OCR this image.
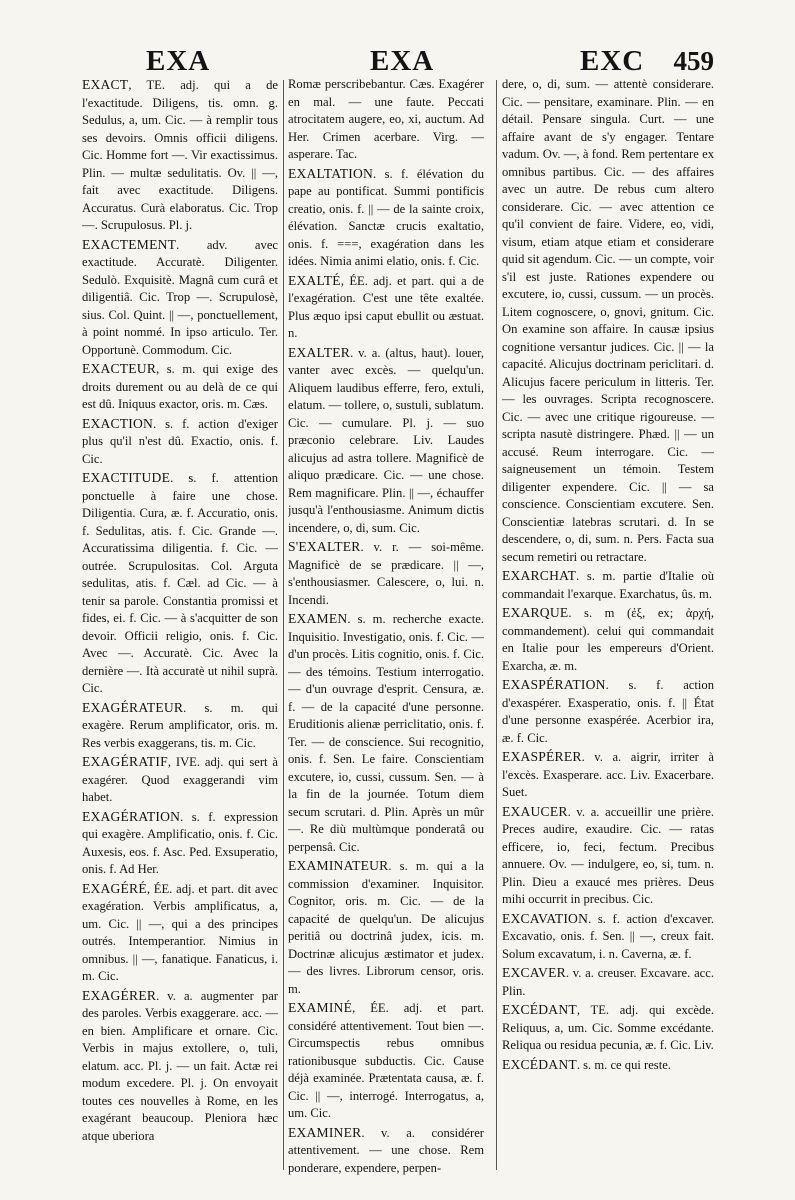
EXA	EXA	EXC 459

EXACT, TE. adj. qui a de l'exactitude. Diligens, tis. omn. g. Sedulus, a, um. Cic. — à remplir tous ses devoirs. Omnis officii diligens. Cic. Homme fort —. Vir exactissimus. Plin. — multæ sedulitatis. Ov. || —, fait avec exactitude. Diligens. Accuratus. Curà elaboratus. Cic. Trop —. Scrupulosus. Pl. j.

EXACTEMENT. adv. avec exactitude. Accuratè. Diligenter. Sedulò. Exquisitè. Magnâ cum curâ et diligentiâ. Cic. Trop —. Scrupulosè, sius. Col. Quint. || —, ponctuellement, à point nommé. In ipso articulo. Ter. Opportunè. Commodum. Cic.

EXACTEUR, s. m. qui exige des droits durement ou au delà de ce qui est dû. Iniquus exactor, oris. m. Cæs.

EXACTION. s. f. action d'exiger plus qu'il n'est dû. Exactio, onis. f. Cic.

EXACTITUDE. s. f. attention ponctuelle à faire une chose. Diligentia. Cura, æ. f. Accuratio, onis. f. Sedulitas, atis. f. Cic. Grande —. Accuratissima diligentia. f. Cic. — outrée. Scrupulositas. Col. Arguta sedulitas, atis. f. Cæl. ad Cic. — à tenir sa parole. Constantia promissi et fides, ei. f. Cic. — à s'acquitter de son devoir. Officii religio, onis. f. Cic. Avec —. Accuratè. Cic. Avec la dernière —. Ità accuratè ut nihil suprà. Cic.

EXAGÉRATEUR. s. m. qui exagère. Rerum amplificator, oris. m. Res verbis exaggerans, tis. m. Cic.

EXAGÉRATIF, IVE. adj. qui sert à exagérer. Quod exaggerandi vim habet.

EXAGÉRATION. s. f. expression qui exagère. Amplificatio, onis. f. Cic. Auxesis, eos. f. Asc. Ped. Exsuperatio, onis. f. Ad Her.

EXAGÉRÉ, ÉE. adj. et part. dit avec exagération. Verbis amplificatus, a, um. Cic. || —, qui a des principes outrés. Intemperantior. Nimius in omnibus. || —, fanatique. Fanaticus, i. m. Cic.

EXAGÉRER. v. a. augmenter par des paroles. Verbis exaggerare. acc. — en bien. Amplificare et ornare. Cic. Verbis in majus extollere, o, tuli, elatum. acc. Pl. j. — un fait. Actæ rei modum excedere. Pl. j. On envoyait toutes ces nouvelles à Rome, en les exagérant beaucoup. Pleniora hæc atque uberiora

Romæ perscribebantur. Cæs. Exagérer en mal. — une faute. Peccati atrocitatem augere, eo, xi, auctum. Ad Her. Crimen acerbare. Virg. — asperare. Tac.

EXALTATION. s. f. élévation du pape au pontificat. Summi pontificis creatio, onis. f. || — de la sainte croix, élévation. Sanctæ crucis exaltatio, onis. f. ===, exagération dans les idées. Nimia animi elatio, onis. f. Cic.

EXALTÉ, ÉE. adj. et part. qui a de l'exagération. C'est une tête exaltée. Plus æquo ipsi caput ebullit ou æstuat. n.

EXALTER. v. a. (altus, haut). louer, vanter avec excès. — quelqu'un. Aliquem laudibus efferre, fero, extuli, elatum. — tollere, o, sustuli, sublatum. Cic. — cumulare. Pl. j. — suo præconio celebrare. Liv. Laudes alicujus ad astra tollere. Magnificè de aliquo prædicare. Cic. — une chose. Rem magnificare. Plin. || —, échauffer jusqu'à l'enthousiasme. Animum dictis incendere, o, di, sum. Cic.

S'EXALTER. v. r. — soi-même. Magnificè de se prædicare. || —, s'enthousiasmer. Calescere, o, lui. n. Incendi.

EXAMEN. s. m. recherche exacte. Inquisitio. Investigatio, onis. f. Cic. — d'un procès. Litis cognitio, onis. f. Cic. — des témoins. Testium interrogatio. — d'un ouvrage d'esprit. Censura, æ. f. — de la capacité d'une personne. Eruditionis alienæ perriclitatio, onis. f. Ter. — de conscience. Sui recognitio, onis. f. Sen. Le faire. Conscientiam excutere, io, cussi, cussum. Sen. — à la fin de la journée. Totum diem secum scrutari. d. Plin. Après un mûr —. Re diù multùmque ponderatâ ou perpensâ. Cic.

EXAMINATEUR. s. m. qui a la commission d'examiner. Inquisitor. Cognitor, oris. m. Cic. — de la capacité de quelqu'un. De alicujus peritiâ ou doctrinâ judex, icis. m. Doctrinæ alicujus æstimator et judex. — des livres. Librorum censor, oris. m.

EXAMINÉ, ÉE. adj. et part. considéré attentivement. Tout bien —. Circumspectis rebus omnibus rationibusque subductis. Cic. Cause déjà examinée. Prætentata causa, æ. f. Cic. || —, interrogé. Interrogatus, a, um. Cic.

EXAMINER. v. a. considérer attentivement. — une chose. Rem ponderare, expendere, perpen-

dere, o, di, sum. — attentè considerare. Cic. — pensitare, examinare. Plin. — en détail. Pensare singula. Curt. — une affaire avant de s'y engager. Tentare vadum. Ov. —, à fond. Rem pertentare ex omnibus partibus. Cic. — des affaires avec un autre. De rebus cum altero considerare. Cic. — avec attention ce qu'il convient de faire. Videre, eo, vidi, visum, etiam atque etiam et considerare quid sit agendum. Cic. — un compte, voir s'il est juste. Rationes expendere ou excutere, io, cussi, cussum. — un procès. Litem cognoscere, o, gnovi, gnitum. Cic. On examine son affaire. In causæ ipsius cognitione versantur judices. Cic. || — la capacité. Alicujus doctrinam periclitari. d. Alicujus facere periculum in litteris. Ter. — les ouvrages. Scripta recognoscere. Cic. — avec une critique rigoureuse. — scripta nasutè distringere. Phæd. || — un accusé. Reum interrogare. Cic. — saigneusement un témoin. Testem diligenter expendere. Cic. || — sa conscience. Conscientiam excutere. Sen. Conscientiæ latebras scrutari. d. In se descendere, o, di, sum. n. Pers. Facta sua secum remetiri ou retractare.

EXARCHAT. s. m. partie d'Italie où commandait l'exarque. Exarchatus, ûs. m.

EXARQUE. s. m (ἐξ, ex; ἀρχή, commandement). celui qui commandait en Italie pour les empereurs d'Orient. Exarcha, æ. m.

EXASPÉRATION. s. f. action d'exaspérer. Exasperatio, onis. f. || État d'une personne exaspérée. Acerbior ira, æ. f. Cic.

EXASPÉRER. v. a. aigrir, irriter à l'excès. Exasperare. acc. Liv. Exacerbare. Suet.

EXAUCER. v. a. accueillir une prière. Preces audire, exaudire. Cic. — ratas efficere, io, feci, fectum. Precibus annuere. Ov. — indulgere, eo, si, tum. n. Plin. Dieu a exaucé mes prières. Deus mihi occurrit in precibus. Cic.

EXCAVATION. s. f. action d'excaver. Excavatio, onis. f. Sen. || —, creux fait. Solum excavatum, i. n. Caverna, æ. f.

EXCAVER. v. a. creuser. Excavare. acc. Plin.

EXCÉDANT, TE. adj. qui excède. Reliquus, a, um. Cic. Somme excédante. Reliqua ou residua pecunia, æ. f. Cic. Liv.

EXCÉDANT. s. m. ce qui reste.
